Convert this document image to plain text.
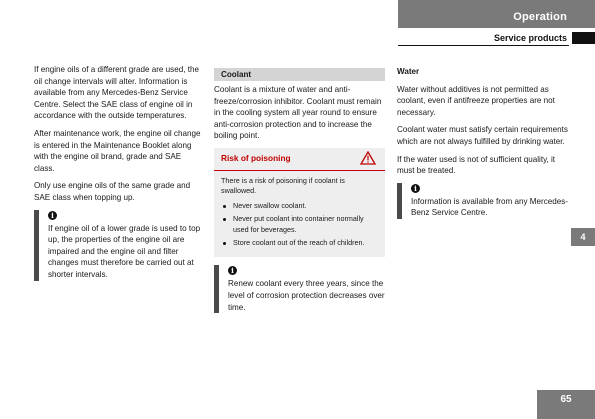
Operation
Service products

If engine oils of a different grade are used, the oil change intervals will alter. Information is available from any Mercedes-Benz Service Centre. Select the SAE class of engine oil in accordance with the outside temperatures.

After maintenance work, the engine oil change is entered in the Maintenance Booklet along with the engine oil brand, grade and SAE class.

Only use engine oils of the same grade and SAE class when topping up.

i
If engine oil of a lower grade is used to top up, the properties of the engine oil are impaired and the engine oil and filter changes must therefore be carried out at shorter intervals.
Coolant

Coolant is a mixture of water and anti-freeze/corrosion inhibitor. Coolant must remain in the cooling system all year round to ensure anti-corrosion protection and to increase the boiling point.

Risk of poisoning
There is a risk of poisoning if coolant is swallowed.
Never swallow coolant.
Never put coolant into container normally used for beverages.
Store coolant out of the reach of children.
i
Renew coolant every three years, since the level of corrosion protection decreases over time.
Water

Water without additives is not permitted as coolant, even if antifreeze properties are not necessary.

Coolant water must satisfy certain requirements which are not always fulfilled by drinking water.

If the water used is not of sufficient quality, it must be treated.

i
Information is available from any Mercedes-Benz Service Centre.
4
65
